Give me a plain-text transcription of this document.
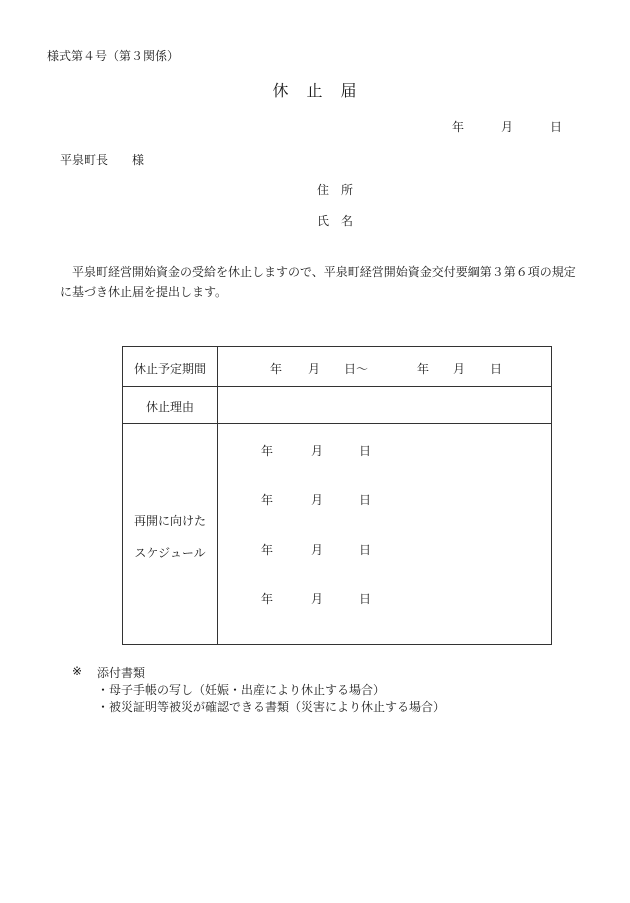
様式第４号（第３関係）
休　止　届
年	月	日
平泉町長　　様
住　所
氏　名
平泉町経営開始資金の受給を休止しますので、平泉町経営開始資金交付要綱第３第６項の規定に基づき休止届を提出します。
休止予定期間	年 月 日〜	年 月 日
休止理由
再開に向けた
スケジュール
年	月	日
年	月	日
年	月	日
年	月	日
※ 添付書類
・母子手帳の写し（妊娠・出産により休止する場合）
・被災証明等被災が確認できる書類（災害により休止する場合）
